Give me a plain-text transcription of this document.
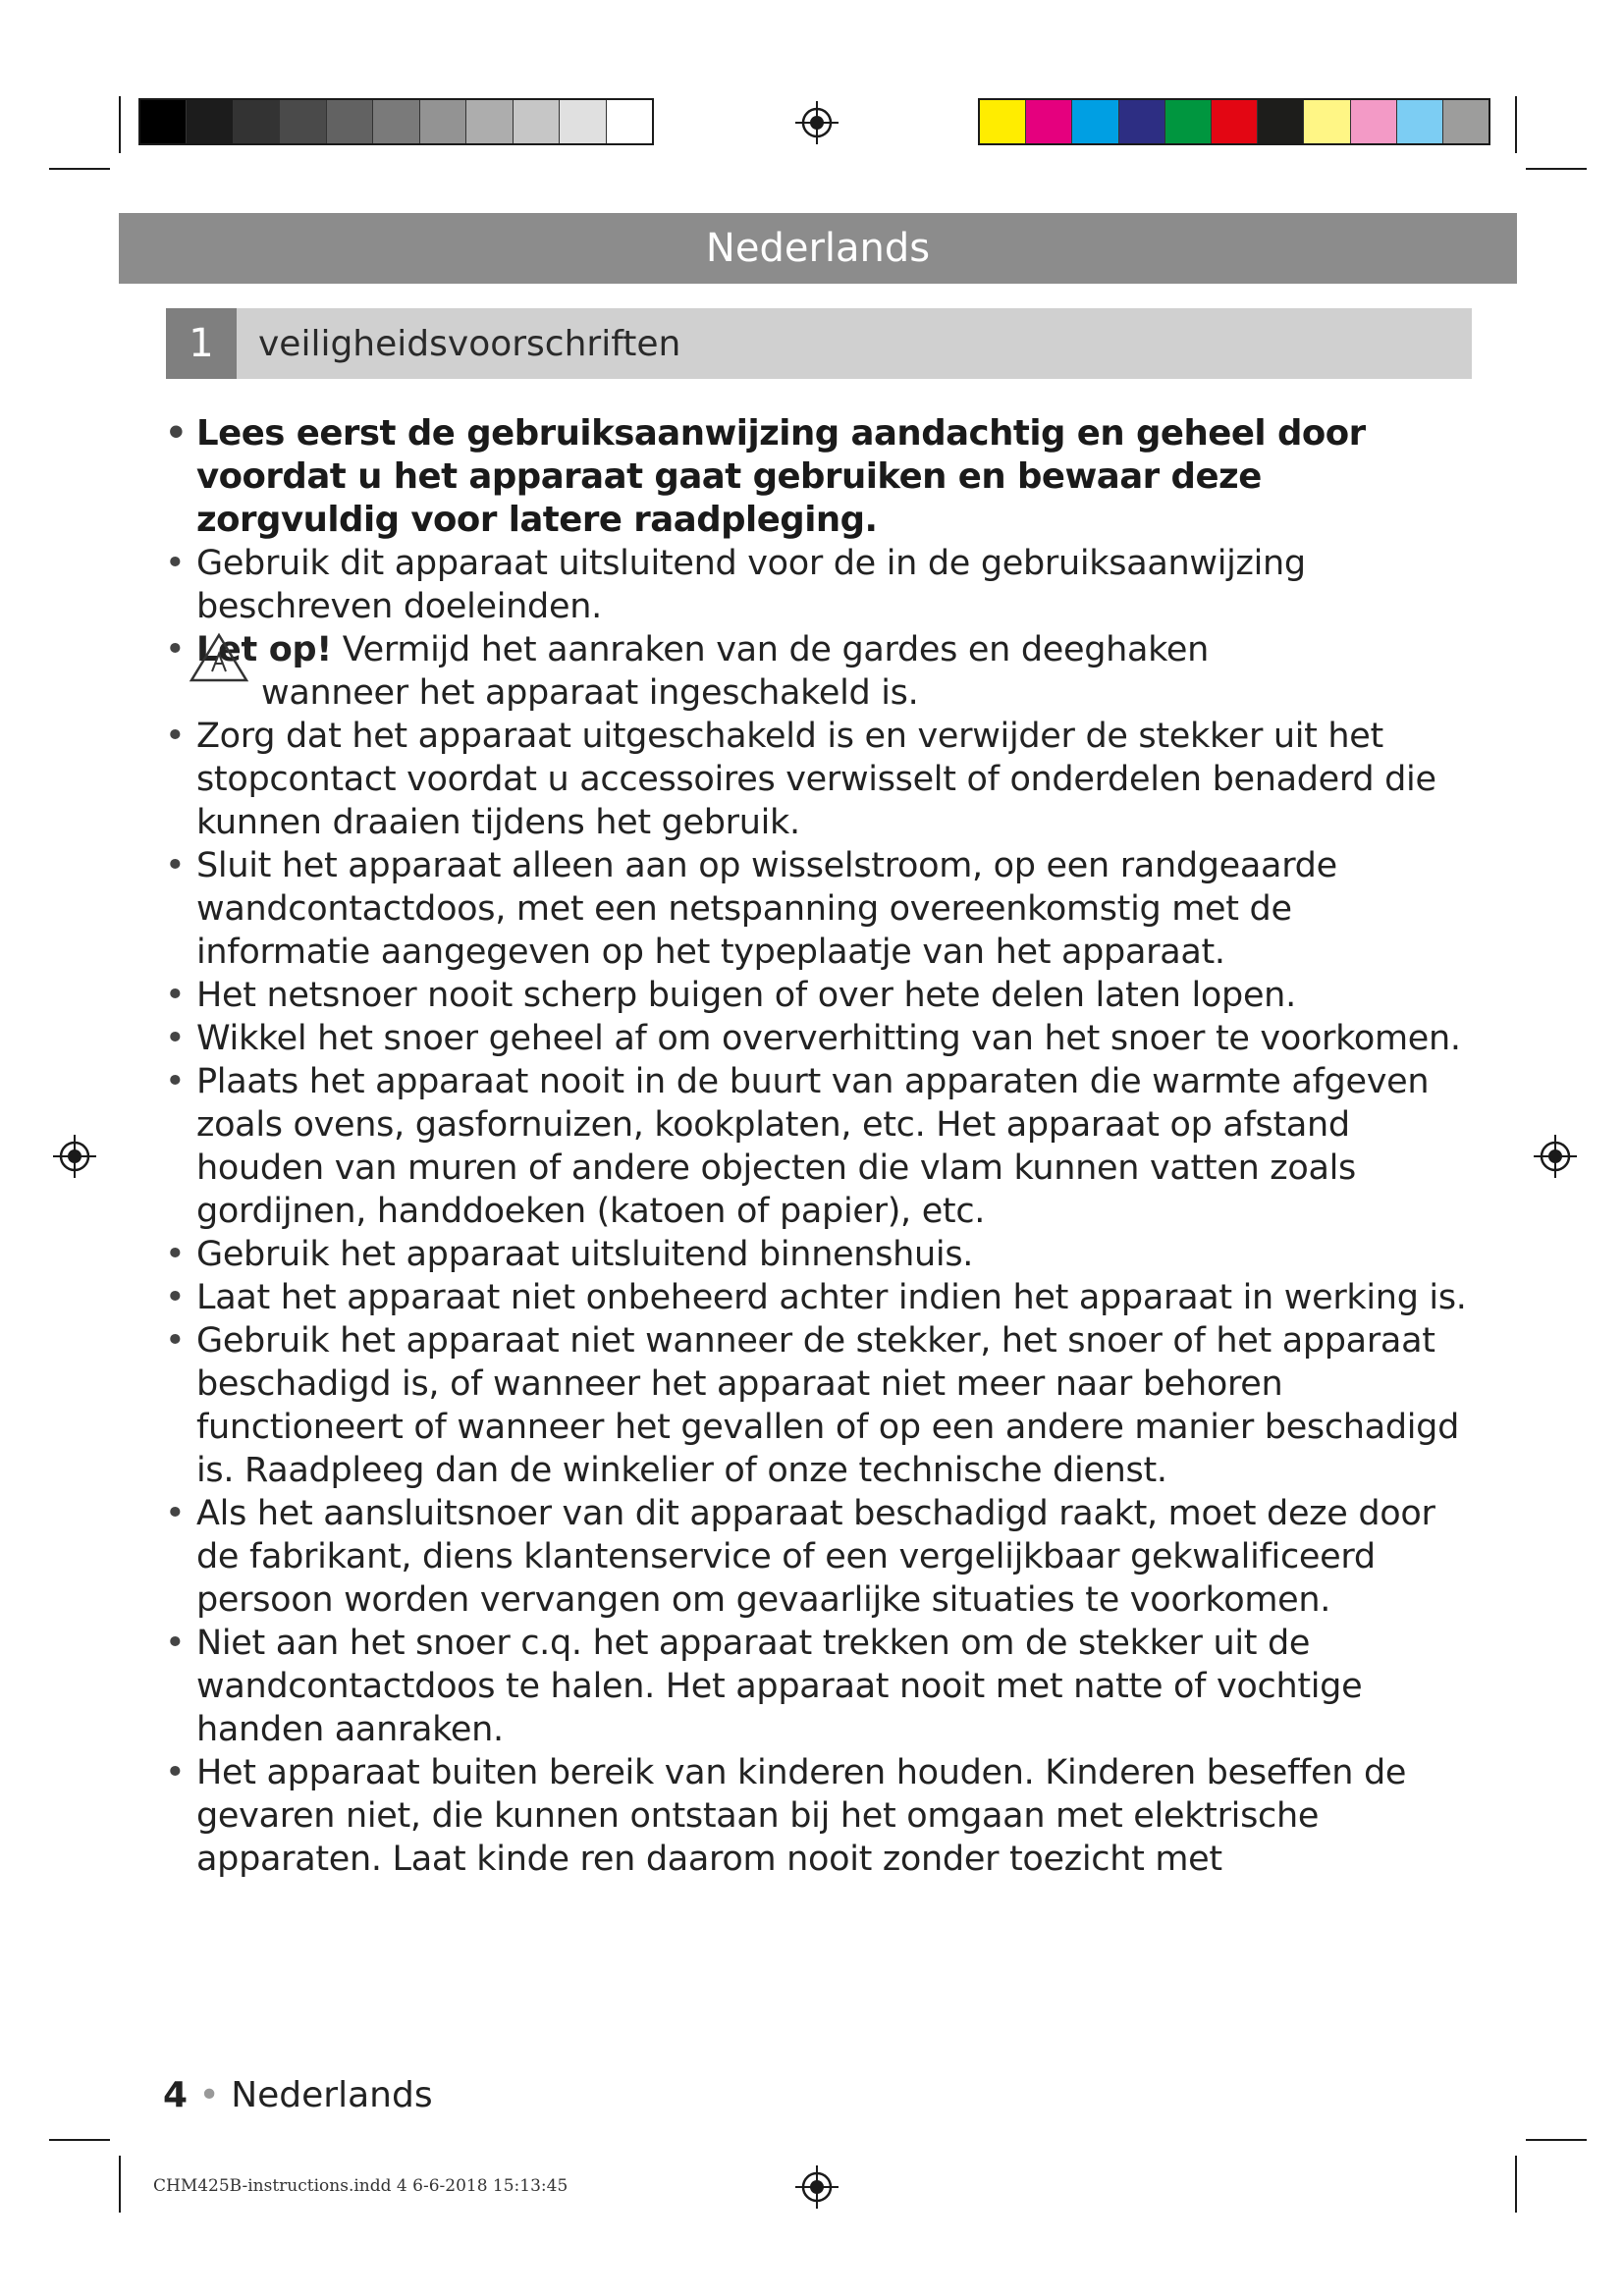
Nederlands
1	veiligheidsvoorschriften
• Lees eerst de gebruiksaanwijzing aandachtig en geheel door voordat u het apparaat gaat gebruiken en bewaar deze zorgvuldig voor latere raadpleging.
• Gebruik dit apparaat uitsluitend voor de in de gebruiksaanwijzing beschreven doeleinden.
• Let op! Vermijd het aanraken van de gardes en deeghaken
wanneer het apparaat ingeschakeld is.
• Zorg dat het apparaat uitgeschakeld is en verwijder de stekker uit het stopcontact voordat u accessoires verwisselt of onderdelen benaderd die kunnen draaien tijdens het gebruik.
• Sluit het apparaat alleen aan op wisselstroom, op een randgeaarde wandcontactdoos, met een netspanning overeenkomstig met de informatie aangegeven op het typeplaatje van het apparaat.
• Het netsnoer nooit scherp buigen of over hete delen laten lopen.
• Wikkel het snoer geheel af om oververhitting van het snoer te voorkomen.
• Plaats het apparaat nooit in de buurt van apparaten die warmte afgeven zoals ovens, gasfornuizen, kookplaten, etc. Het apparaat op afstand houden van muren of andere objecten die vlam kunnen vatten zoals gordijnen, handdoeken (katoen of papier), etc.
• Gebruik het apparaat uitsluitend binnenshuis.
• Laat het apparaat niet onbeheerd achter indien het apparaat in werking is.
• Gebruik het apparaat niet wanneer de stekker, het snoer of het apparaat beschadigd is, of wanneer het apparaat niet meer naar behoren functioneert of wanneer het gevallen of op een andere manier beschadigd is. Raadpleeg dan de winkelier of onze technische dienst.
• Als het aansluitsnoer van dit apparaat beschadigd raakt, moet deze door de fabrikant, diens klantenservice of een vergelijkbaar gekwalificeerd persoon worden vervangen om gevaarlijke situaties te voorkomen.
• Niet aan het snoer c.q. het apparaat trekken om de stekker uit de wandcontactdoos te halen. Het apparaat nooit met natte of vochtige handen aanraken.
• Het apparaat buiten bereik van kinderen houden. Kinderen beseffen de gevaren niet, die kunnen ontstaan bij het omgaan met elektrische apparaten. Laat kinde ren daarom nooit zonder toezicht met
4 • Nederlands
CHM425B-instructions.indd 4 6-6-2018 15:13:45
